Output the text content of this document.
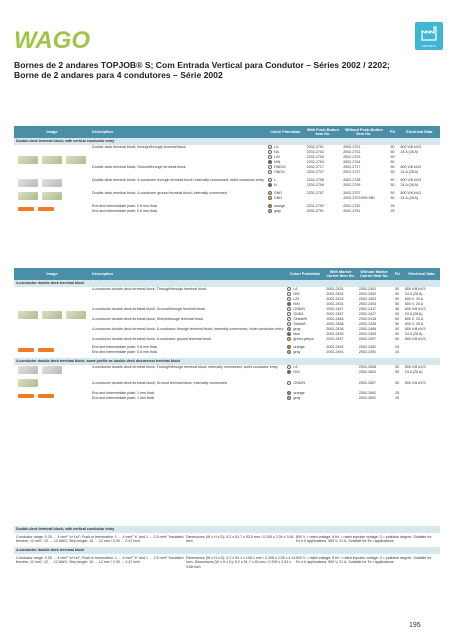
WAGO	CONTROL
Bornes de 2 andares TOPJOB® S; Com Entrada Vertical para Condutor – Séries 2002 / 2202;
Borne de 2 andares para 4 condutores – Série 2002
Image	Description	Color/ Potentials	With Push-Button Item No.	Without Push-Button Item No.	PU	Electrical Data
Double-deck terminal block; with vertical conductor entry						
	Double-deck terminal block; through/through terminal block	L/L	2202-2701	2002-2701	50	800 V/8 kV/3
		N/L	2202-2702	2002-2702	50	24 A (28 A)
		L/N	2202-2703	2002-2703	50	
		N/N	2202-2704	2002-2704	50	
	Double-deck terminal block; Ground/through terminal block	GND/N	2202-2717	2002-2717	50	800 V/8 kV/3
		GND/L	2202-2727	2002-2727	50	24 A (28 A)

	Double-deck terminal block; 4-conductor through terminal block; internally commoned; violet conductor entry	L	2202-2708	2002-2708	50	800 V/8 kV/3
		N	2202-2709	2002-2709	50	24 A (28 A)

	Double-deck terminal block; 4-conductor ground terminal block; internally commoned	GND	2202-2707	2002-2707	50	800 V/8 kV/3
		GND		2002-2707/999-950	50	24 A (28 A)

	End and intermediate plate; 0.8 mm thick	orange	2202-2792	2002-2792	25	
	End and intermediate plate; 0.8 mm thick	gray	2002-2791	2002-2791	25	

Image	Description	Color/ Potentials	With Marker Carrier Item No.	Without Marker Carrier Item No.	PU	Electrical Data
4-conductor double-deck terminal block						
	4-conductor double-deck terminal block; Through/through terminal block	L/L	2002-2431	2002-2401	50	800 V/8 kV/3
		N/N	2002-2432	2002-2402	50	24 A (28 A)
		L/N	2002-2433	2002-2403	50	600 V, 20 A
		N/N	2002-2434	2002-2404	50	600 V, 20 A
	4-conductor double-deck terminal block; Ground/through terminal block	GND/N	2002-2447	2002-2417	50	800 V/8 kV/3
		GND/L	2002-2457	2002-2427	50	24 A (28 A)
	4-conductor double-deck terminal block; Shield/through terminal block	Shield/N	2002-2448	2002-2418	50	600 V, 20 A
		Shield/L	2002-2458	2002-2428	50	600 V, 20 A
	4-conductor double-deck terminal block; 8-conductor through terminal block; internally commoned; violet conductor entry	gray	2002-2438	2002-2408	50	800 V/8 kV/3
		blue	2002-2439	2002-2409	50	24 A (28 A)
	4-conductor double-deck terminal block; 8-conductor ground terminal block	green-yellow	2002-2437	2002-2407	50	800 V/8 kV/3

	End and intermediate plate; 0.8 mm thick	orange	2002-2492	2002-2492	25	
	End and intermediate plate; 0.8 mm thick	gray	2002-2491	2002-2491	25	

4-conductor double-deck terminal block; same profile as double-deck disconnect terminal block						
	4-conductor double-deck terminal block; Through/through terminal block; internally commoned; violet conductor entry	L/L		2002-2608	50	500 V/6 kV/3
		N/N		2002-2604	50	24 A (28 A)

	4-conductor double-deck terminal block; Ground terminal block; internally commoned	GND/N		2002-2607	50	500 V/6 kV/3

	End and intermediate plate; 1 mm thick	orange		2002-2692	25	
	End and intermediate plate; 1 mm thick	gray		2002-2691	25	

Double-deck terminal block; with vertical conductor entry
Conductor range: 0.25 … 4 mm² "s+f-st"; Push-in termination: 1 … 4 mm² "s" and 1 … 2.5 mm² "insulated ferrules; 12 mm"; 22 … 12 AWG; Strip length: 10 … 12 mm / 0.39 … 0.47 inch
Dimensions (W x H x D): 5.2 x 51.7 x 93.5 mm / 0.205 x 2.04 x 3.64 inch
800 V = rated voltage; 8 kV = rated impulse voltage; 3 = pollution degree. Suitable for Ex e II applications: 550 V, 21 A. Suitable for Ex i applications
4-conductor double-deck terminal block
Conductor range: 0.25 … 4 mm² "s+f-st"; Push-in termination: 1 … 4 mm² "s" and 1 … 2.5 mm² "insulated ferrules; 12 mm"; 22 … 12 AWG; Strip length: 10 … 12 mm / 0.39 … 0.47 inch
Dimensions (W x H x D): 5.2 x 52.1 x 105.1 mm / 0.205 x 2.05 x 4.14 inch. Dimensions (W x H x D): 5.2 x 51.7 x 93 mm / 0.205 x 2.04 x 3.66 inch
800 V = rated voltage; 8 kV = rated impulse voltage; 3 = pollution degree. Suitable for Ex e II applications: 550 V, 21 A. Suitable for Ex i applications
195
